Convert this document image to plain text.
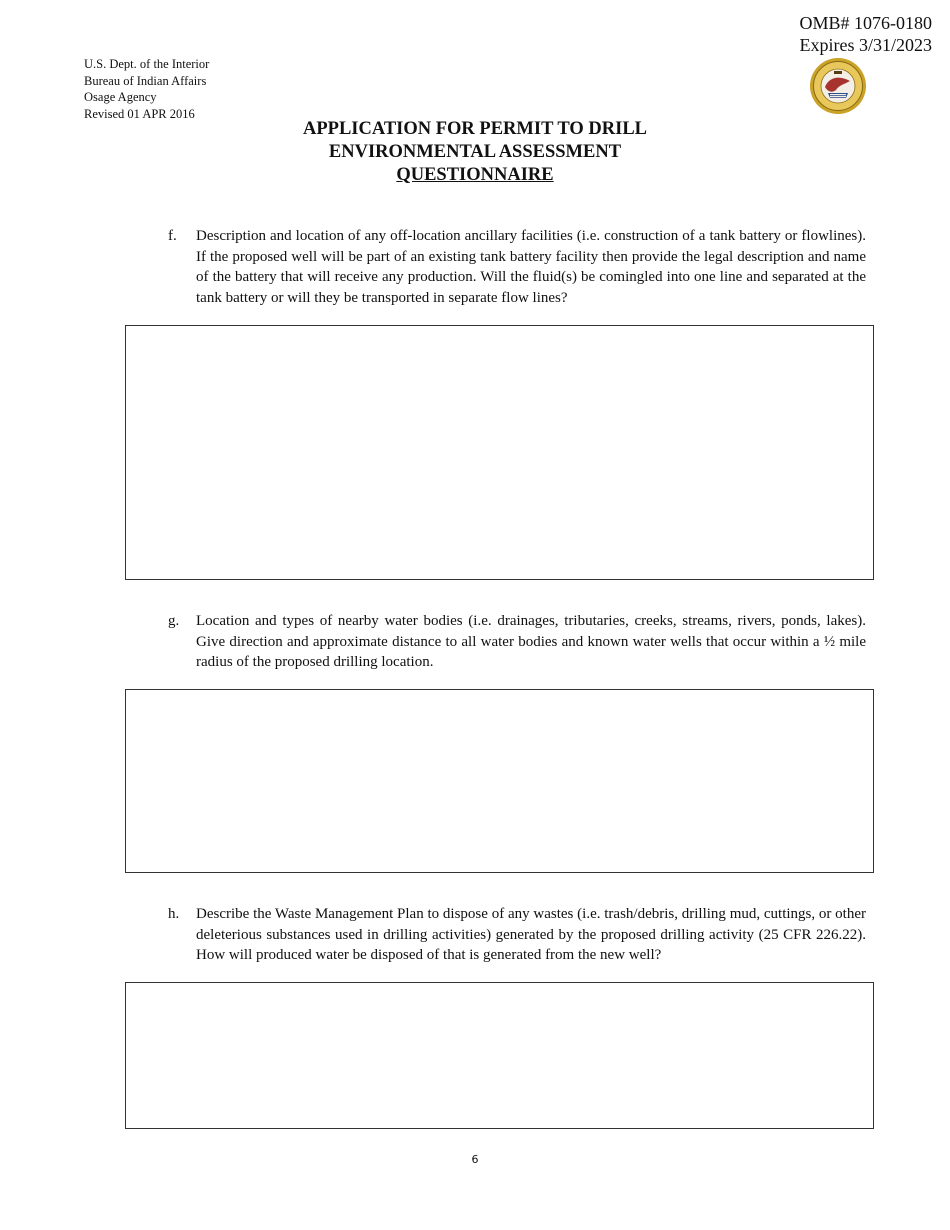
OMB# 1076-0180
Expires 3/31/2023
U.S. Dept. of the Interior
Bureau of Indian Affairs
Osage Agency
Revised 01 APR 2016
APPLICATION FOR PERMIT TO DRILL
ENVIRONMENTAL ASSESSMENT
QUESTIONNAIRE
f. Description and location of any off-location ancillary facilities (i.e. construction of a tank battery or flowlines). If the proposed well will be part of an existing tank battery facility then provide the legal description and name of the battery that will receive any production. Will the fluid(s) be comingled into one line and separated at the tank battery or will they be transported in separate flow lines?
g. Location and types of nearby water bodies (i.e. drainages, tributaries, creeks, streams, rivers, ponds, lakes). Give direction and approximate distance to all water bodies and known water wells that occur within a ½ mile radius of the proposed drilling location.
h. Describe the Waste Management Plan to dispose of any wastes (i.e. trash/debris, drilling mud, cuttings, or other deleterious substances used in drilling activities) generated by the proposed drilling activity (25 CFR 226.22). How will produced water be disposed of that is generated from the new well?
6
